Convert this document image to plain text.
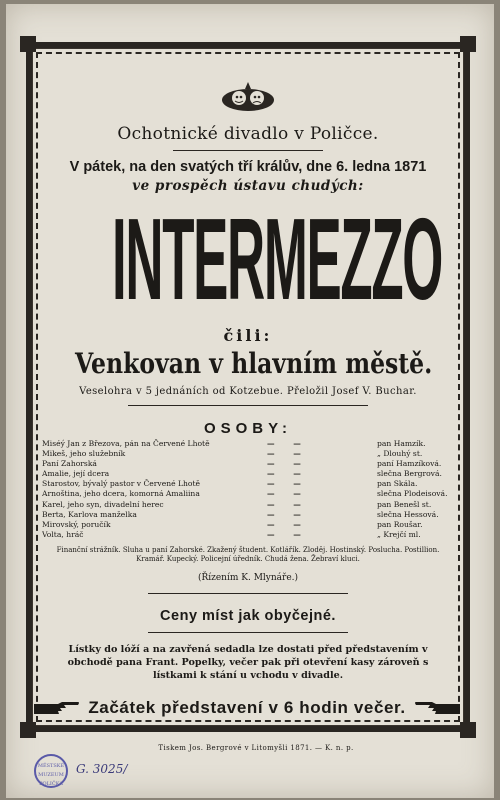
Ochotnické divadlo v Poličce.
V pátek, na den svatých tří králův, dne 6. ledna 1871
ve prospěch ústavu chudých:
INTERMEZZO
čili:
Venkovan v hlavním městě.
Veselohra v 5 jednáních od Kotzebue. Přeložil Josef V. Buchar.
OSOBY:
Miséý Jan z Březova, pán na Červené Lhotě	— —	pan Hamzík.
Mikeš, jeho služebník	— —	„ Dlouhý st.
Paní Zahorská	— —	paní Hamzíková.
Amalie, její dcera	— —	slečna Bergrová.
Starostov, bývalý pastor v Červené Lhotě	— —	pan Skála.
Arnoština, jeho dcera, komorná Amaliina	— —	slečna Plodeisová.
Karel, jeho syn, divadelní herec	— —	pan Benešl st.
Berta, Karlova manželka	— —	slečna Hessová.
Mirovský, poručík	— —	pan Roušar.
Volta, hráč	— —	„ Krejčí ml.
Finanční strážník. Sluha u paní Zahorské. Zkažený študent. Kotlářík. Zloděj. Hostinský. Poslucha. Postillion. Kramář. Kupecký. Policejní úředník. Chudá žena. Žebraví kluci.
(Řízením K. Mlynáře.)
Ceny míst jak obyčejné.
Lístky do lóží a na zavřená sedadla lze dostati před představením v obchodě pana Frant. Popelky, večer pak při otevření kasy zároveň s lístkami k stání u vchodu v divadle.
Začátek představení v 6 hodin večer.
Tiskem Jos. Bergrové v Litomyšli 1871. — K. n. p.
MĚSTSKÉ MUZEUM POLIČKA
G. 3025/
